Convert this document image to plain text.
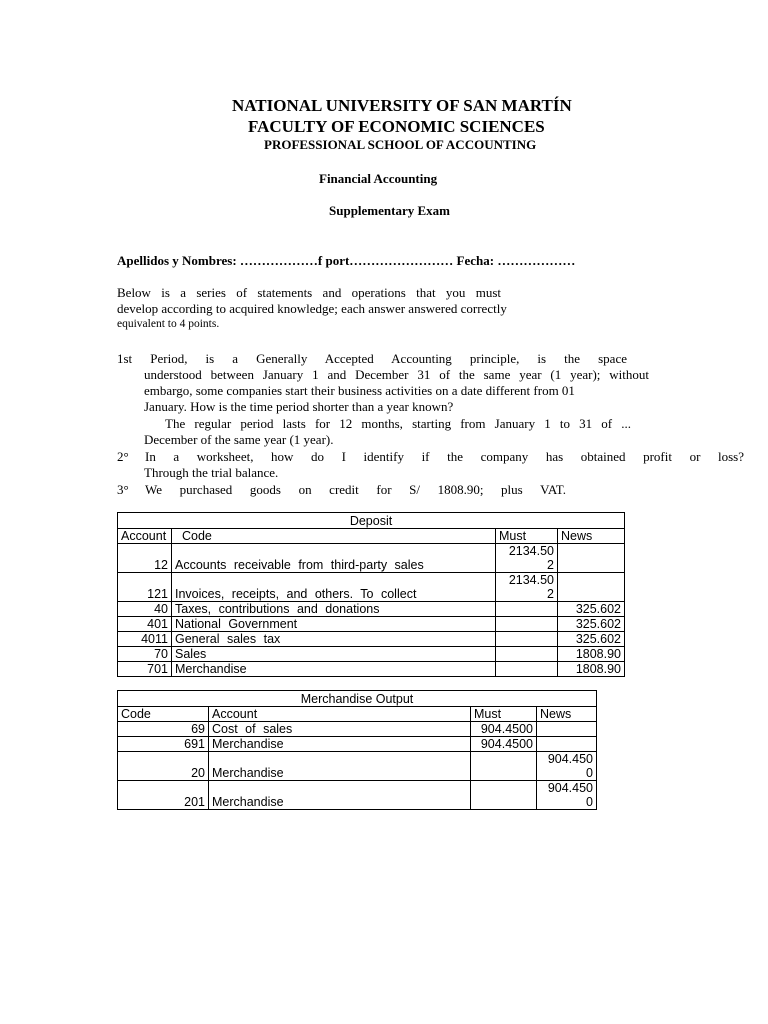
NATIONAL UNIVERSITY OF SAN MARTÍN
FACULTY OF ECONOMIC SCIENCES
PROFESSIONAL SCHOOL OF ACCOUNTING
Financial Accounting
Supplementary Exam
Apellidos y Nombres: ………………f port…………………… Fecha: ………………
Below is a series of statements and operations that you must
develop according to acquired knowledge; each answer answered correctly
equivalent to 4 points.
1st Period, is a Generally Accepted Accounting principle, is the space
understood between January 1 and December 31 of the same year (1 year); without
embargo, some companies start their business activities on a date different from 01
January. How is the time period shorter than a year known?
The regular period lasts for 12 months, starting from January 1 to 31 of ...
December of the same year (1 year).
2° In a worksheet, how do I identify if the company has obtained profit or loss?
Through the trial balance.
3° We purchased goods on credit for S/ 1808.90; plus VAT.
Deposit			
Account	Code	Must	News
12	Accounts receivable from third-party sales	2134.50
2	

121	Invoices, receipts, and others. To collect	2134.50
2	

40	Taxes, contributions and donations		325.602
401	National Government		325.602
4011	General sales tax		325.602
70	Sales		1808.90
701	Merchandise		1808.90
Merchandise Output			
Code	Account	Must	News
69	Cost of sales	904.4500	
691	Merchandise	904.4500	
20	Merchandise		904.450
0

201	Merchandise		904.450
0
